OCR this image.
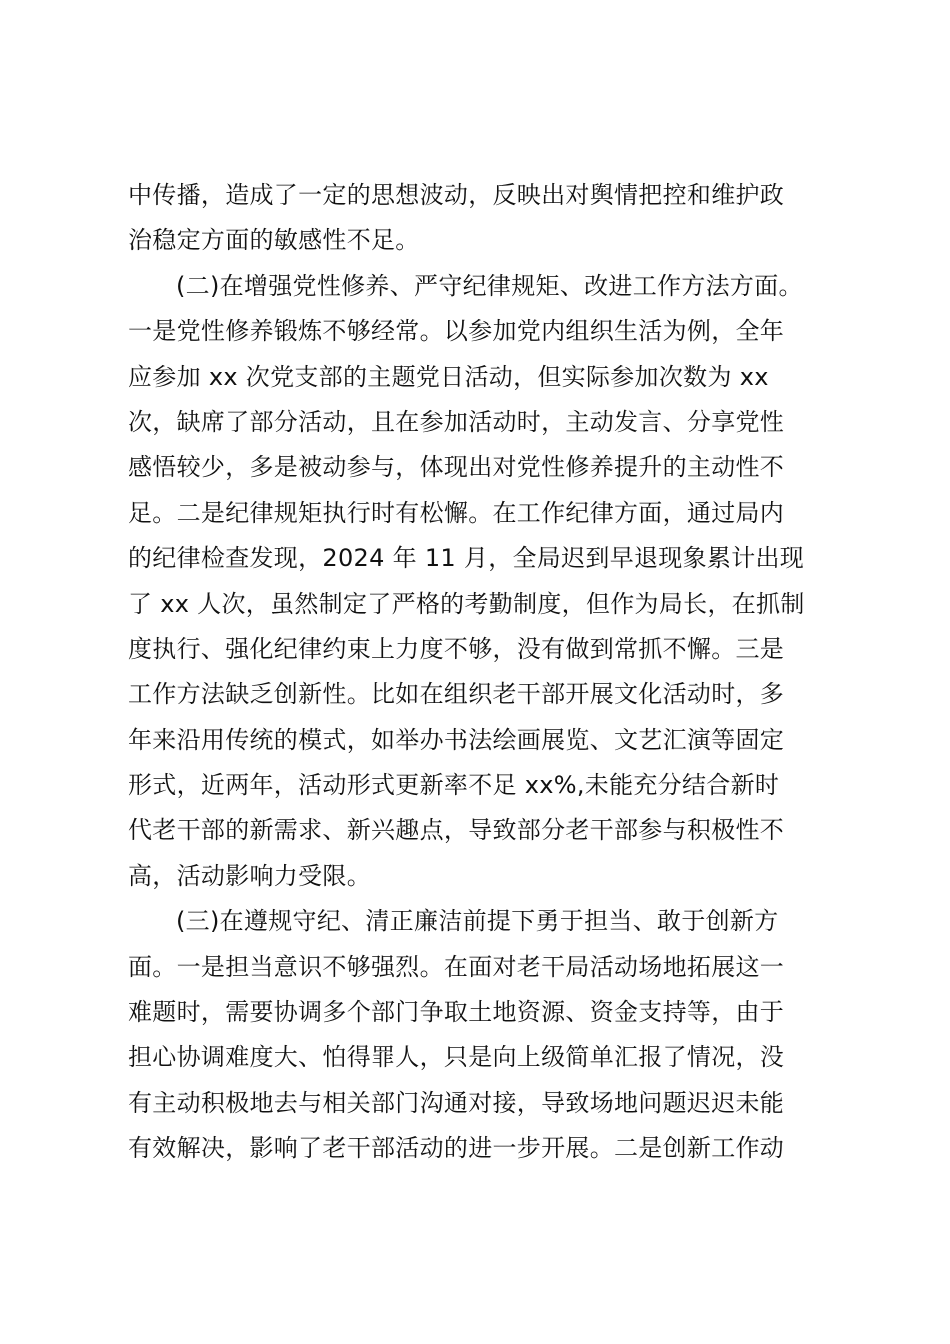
中传播，造成了一定的思想波动，反映出对舆情把控和维护政
治稳定方面的敏感性不足。
(二)在增强党性修养、严守纪律规矩、改进工作方法方面。
一是党性修养锻炼不够经常。以参加党内组织生活为例，全年
应参加 xx 次党支部的主题党日活动，但实际参加次数为 xx
次，缺席了部分活动，且在参加活动时，主动发言、分享党性
感悟较少，多是被动参与，体现出对党性修养提升的主动性不
足。二是纪律规矩执行时有松懈。在工作纪律方面，通过局内
的纪律检查发现，2024 年 11 月，全局迟到早退现象累计出现
了 xx 人次，虽然制定了严格的考勤制度，但作为局长，在抓制
度执行、强化纪律约束上力度不够，没有做到常抓不懈。三是
工作方法缺乏创新性。比如在组织老干部开展文化活动时，多
年来沿用传统的模式，如举办书法绘画展览、文艺汇演等固定
形式，近两年，活动形式更新率不足 xx%,未能充分结合新时
代老干部的新需求、新兴趣点，导致部分老干部参与积极性不
高，活动影响力受限。
(三)在遵规守纪、清正廉洁前提下勇于担当、敢于创新方
面。一是担当意识不够强烈。在面对老干局活动场地拓展这一
难题时，需要协调多个部门争取土地资源、资金支持等，由于
担心协调难度大、怕得罪人，只是向上级简单汇报了情况，没
有主动积极地去与相关部门沟通对接，导致场地问题迟迟未能
有效解决，影响了老干部活动的进一步开展。二是创新工作动
